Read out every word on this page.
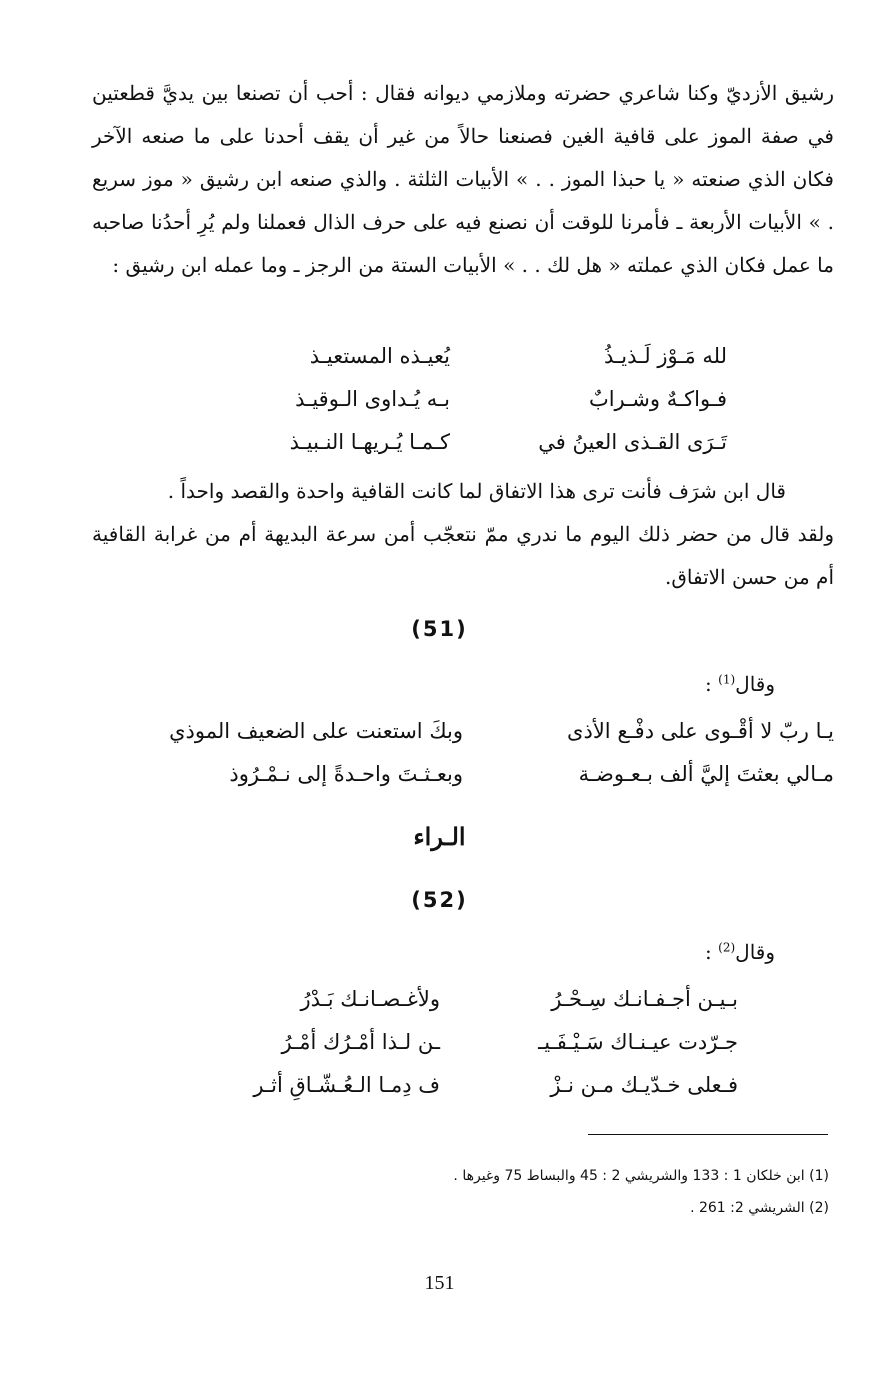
رشيق الأزديّ وكنا شاعري حضرته وملازمي ديوانه فقال : أحب أن تصنعا بين يديَّ قطعتين في صفة الموز على قافية الغين فصنعنا حالاً من غير أن يقف أحدنا على ما صنعه الآخر فكان الذي صنعته « يا حبذا الموز . . » الأبيات الثلثة . والذي صنعه ابن رشيق « موز سريع . » الأبيات الأربعة ـ فأمرنا للوقت أن نصنع فيه على حرف الذال فعملنا ولم يُرِ أحدُنا صاحبه ما عمل فكان الذي عملته « هل لك . . » الأبيات الستة من الرجز ـ وما عمله ابن رشيق :

لله مَـوْز لَـذيـذُ
يُعيـذه المستعيـذ
فـواكـهٌ وشـرابٌ
بـه يُـداوى الـوقيـذ
تَـرَى القـذى العينُ في
كـمـا يُـريهـا النـبيـذ

قال ابن شرَف فأنت ترى هذا الاتفاق لما كانت القافية واحدة والقصد واحداً .

ولقد قال من حضر ذلك اليوم ما ندري ممّ نتعجّب أمن سرعة البديهة أم من غرابة القافية أم من حسن الاتفاق.

(51)
وقال$^{(1)}$ :
يـا ربّ لا أقْـوى على دفْـع الأذى
وبكَ استعنت على الضعيف الموذي
مـالي بعثتَ إليَّ ألف بـعـوضـة
وبعـثـتَ واحـدةً إلى نـمْـرُوذ
الـراء
(52)
وقال$^{(2)}$ :
بـيـن أجـفـانـك سِـحْـرُ
ولأغـصـانـك بَـدْرُ
جـرّدت عيـنـاك سَـيْـفَـيـ
ـن لـذا أمْـرُك أمْـرُ
فـعلى خـدّيـك مـن نـزْ
ف دِمـا الـعُـشّـاقِ أثـر
(1) ابن خلكان 1 : 133 والشريشي 2 : 45 والبساط 75 وغيرها .
(2) الشريشي 2: 261 .
151
